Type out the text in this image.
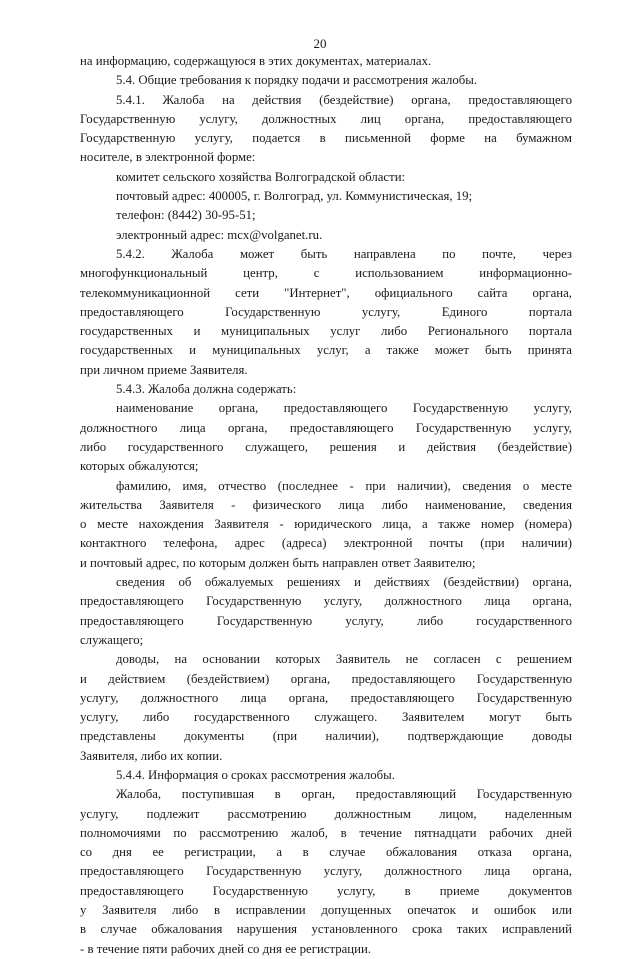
20

на информацию, содержащуюся в этих документах, материалах.

5.4. Общие требования к порядку подачи и рассмотрения жалобы.

5.4.1. Жалоба на действия (бездействие) органа, предоставляющего

Государственную услугу, должностных лиц органа, предоставляющего

Государственную услугу, подается в письменной форме на бумажном

носителе, в электронной форме:

комитет сельского хозяйства Волгоградской области:

почтовый адрес: 400005, г. Волгоград, ул. Коммунистическая, 19;

телефон: (8442) 30-95-51;

электронный адрес: mcx@volganet.ru.

5.4.2. Жалоба может быть направлена по почте, через

многофункциональный центр, с использованием информационно-

телекоммуникационной сети "Интернет", официального сайта органа,

предоставляющего Государственную услугу, Единого портала

государственных и муниципальных услуг либо Регионального портала

государственных и муниципальных услуг, а также может быть принята

при личном приеме Заявителя.

5.4.3. Жалоба должна содержать:

наименование органа, предоставляющего Государственную услугу,

должностного лица органа, предоставляющего Государственную услугу,

либо государственного служащего, решения и действия (бездействие)

которых обжалуются;

фамилию, имя, отчество (последнее - при наличии), сведения о месте

жительства Заявителя - физического лица либо наименование, сведения

о месте нахождения Заявителя - юридического лица, а также номер (номера)

контактного телефона, адрес (адреса) электронной почты (при наличии)

и почтовый адрес, по которым должен быть направлен ответ Заявителю;

сведения об обжалуемых решениях и действиях (бездействии) органа,

предоставляющего Государственную услугу, должностного лица органа,

предоставляющего Государственную услугу, либо государственного

служащего;

доводы, на основании которых Заявитель не согласен с решением

и действием (бездействием) органа, предоставляющего Государственную

услугу, должностного лица органа, предоставляющего Государственную

услугу, либо государственного служащего. Заявителем могут быть

представлены документы (при наличии), подтверждающие доводы

Заявителя, либо их копии.

5.4.4. Информация о сроках рассмотрения жалобы.

Жалоба, поступившая в орган, предоставляющий Государственную

услугу, подлежит рассмотрению должностным лицом, наделенным

полномочиями по рассмотрению жалоб, в течение пятнадцати рабочих дней

со дня ее регистрации, а в случае обжалования отказа органа,

предоставляющего Государственную услугу, должностного лица органа,

предоставляющего Государственную услугу, в приеме документов

у Заявителя либо в исправлении допущенных опечаток и ошибок или

в случае обжалования нарушения установленного срока таких исправлений

- в течение пяти рабочих дней со дня ее регистрации.
